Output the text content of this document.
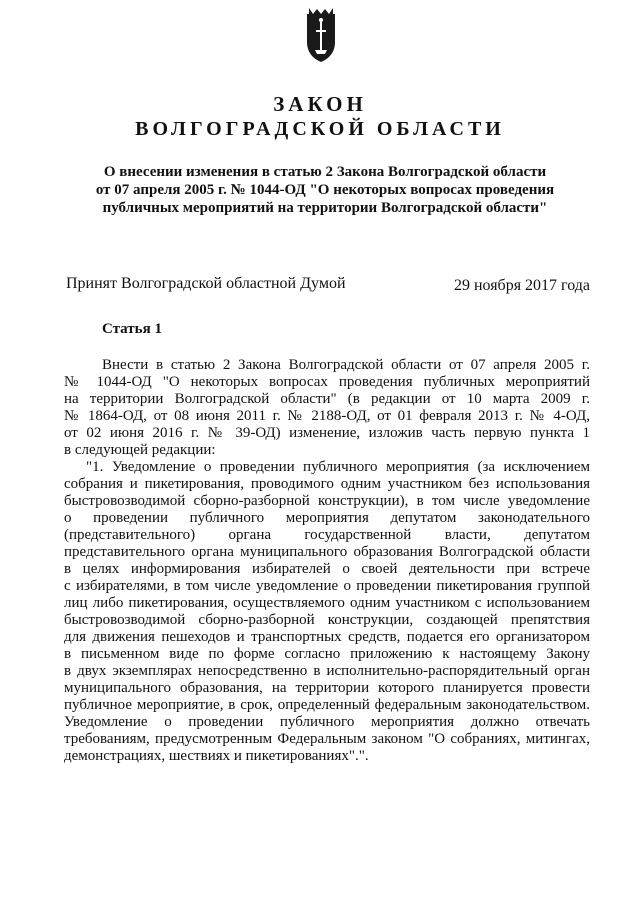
ЗАКОН
ВОЛГОГРАДСКОЙ ОБЛАСТИ
О внесении изменения в статью 2 Закона Волгоградской области
от 07 апреля 2005 г. № 1044-ОД "О некоторых вопросах проведения
публичных мероприятий на территории Волгоградской области"
Принят Волгоградской областной Думой	29 ноября 2017 года
Статья 1
Внести в статью 2 Закона Волгоградской области от 07 апреля 2005 г.
№ 1044-ОД "О некоторых вопросах проведения публичных мероприятий
на территории Волгоградской области" (в редакции от 10 марта 2009 г.
№ 1864-ОД, от 08 июня 2011 г. № 2188-ОД, от 01 февраля 2013 г. № 4-ОД,
от 02 июня 2016 г. № 39-ОД) изменение, изложив часть первую пункта 1
в следующей редакции:
"1. Уведомление о проведении публичного мероприятия (за исключением
собрания и пикетирования, проводимого одним участником без использования
быстровозводимой сборно-разборной конструкции), в том числе уведомление
о проведении публичного мероприятия депутатом законодательного
(представительного) органа государственной власти, депутатом
представительного органа муниципального образования Волгоградской области
в целях информирования избирателей о своей деятельности при встрече
с избирателями, в том числе уведомление о проведении пикетирования группой
лиц либо пикетирования, осуществляемого одним участником с использованием
быстровозводимой сборно-разборной конструкции, создающей препятствия
для движения пешеходов и транспортных средств, подается его организатором
в письменном виде по форме согласно приложению к настоящему Закону
в двух экземплярах непосредственно в исполнительно-распорядительный орган
муниципального образования, на территории которого планируется провести
публичное мероприятие, в срок, определенный федеральным законодательством.
Уведомление о проведении публичного мероприятия должно отвечать
требованиям, предусмотренным Федеральным законом "О собраниях, митингах,
демонстрациях, шествиях и пикетированиях".".
